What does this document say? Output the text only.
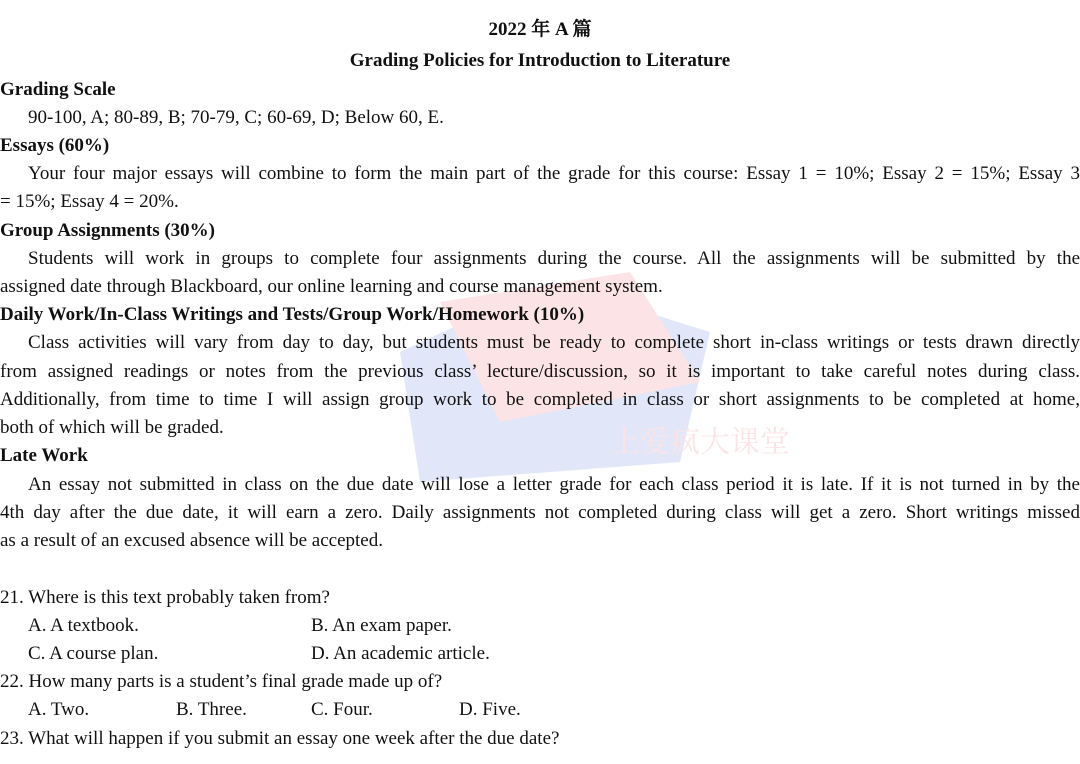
上爱疯大课堂
2022 年 A 篇
Grading Policies for Introduction to Literature
Grading Scale
90-100, A; 80-89, B; 70-79, C; 60-69, D; Below 60, E.
Essays (60%)
Your four major essays will combine to form the main part of the grade for this course: Essay 1 = 10%; Essay 2 = 15%; Essay 3
= 15%; Essay 4 = 20%.
Group Assignments (30%)
Students will work in groups to complete four assignments during the course. All the assignments will be submitted by the
assigned date through Blackboard, our online learning and course management system.
Daily Work/In-Class Writings and Tests/Group Work/Homework (10%)
Class activities will vary from day to day, but students must be ready to complete short in-class writings or tests drawn directly
from assigned readings or notes from the previous class’ lecture/discussion, so it is important to take careful notes during class.
Additionally, from time to time I will assign group work to be completed in class or short assignments to be completed at home,
both of which will be graded.
Late Work
An essay not submitted in class on the due date will lose a letter grade for each class period it is late. If it is not turned in by the
4th day after the due date, it will earn a zero. Daily assignments not completed during class will get a zero. Short writings missed
as a result of an excused absence will be accepted.
21. Where is this text probably taken from?
A. A textbook.	B. An exam paper.
C. A course plan.	D. An academic article.
22. How many parts is a student’s final grade made up of?
A. Two.	B. Three.	C. Four.	D. Five.
23. What will happen if you submit an essay one week after the due date?
